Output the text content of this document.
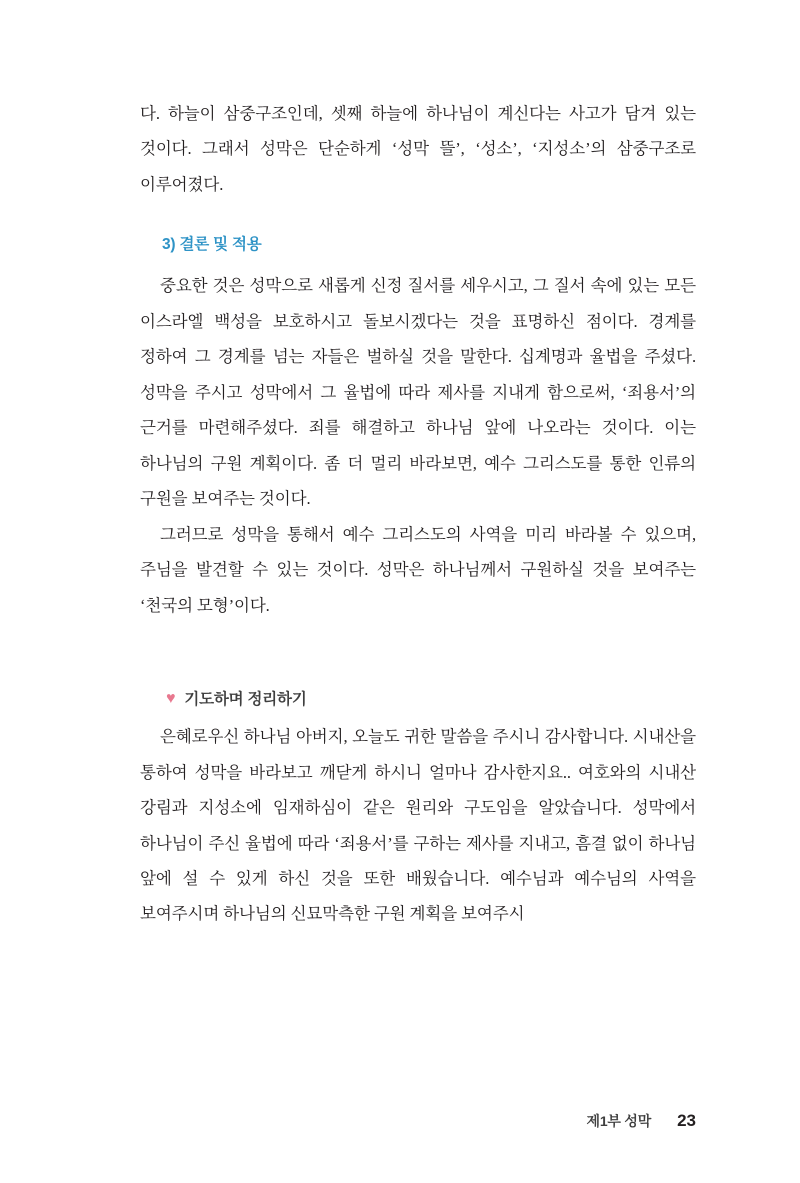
다. 하늘이 삼중구조인데, 셋째 하늘에 하나님이 계신다는 사고가 담겨 있는 것이다. 그래서 성막은 단순하게 ‘성막 뜰’, ‘성소’, ‘지성소’의 삼중구조로 이루어졌다.

3) 결론 및 적용

중요한 것은 성막으로 새롭게 신정 질서를 세우시고, 그 질서 속에 있는 모든 이스라엘 백성을 보호하시고 돌보시겠다는 것을 표명하신 점이다. 경계를 정하여 그 경계를 넘는 자들은 벌하실 것을 말한다. 십계명과 율법을 주셨다. 성막을 주시고 성막에서 그 율법에 따라 제사를 지내게 함으로써, ‘죄용서’의 근거를 마련해주셨다. 죄를 해결하고 하나님 앞에 나오라는 것이다. 이는 하나님의 구원 계획이다. 좀 더 멀리 바라보면, 예수 그리스도를 통한 인류의 구원을 보여주는 것이다.

그러므로 성막을 통해서 예수 그리스도의 사역을 미리 바라볼 수 있으며, 주님을 발견할 수 있는 것이다. 성막은 하나님께서 구원하실 것을 보여주는 ‘천국의 모형’이다.

♥ 기도하며 정리하기

은혜로우신 하나님 아버지, 오늘도 귀한 말씀을 주시니 감사합니다. 시내산을 통하여 성막을 바라보고 깨닫게 하시니 얼마나 감사한지요.. 여호와의 시내산 강림과 지성소에 임재하심이 같은 원리와 구도임을 알았습니다. 성막에서 하나님이 주신 율법에 따라 ‘죄용서’를 구하는 제사를 지내고, 흠결 없이 하나님 앞에 설 수 있게 하신 것을 또한 배웠습니다. 예수님과 예수님의 사역을 보여주시며 하나님의 신묘막측한 구원 계획을 보여주시

제1부 성막 23
